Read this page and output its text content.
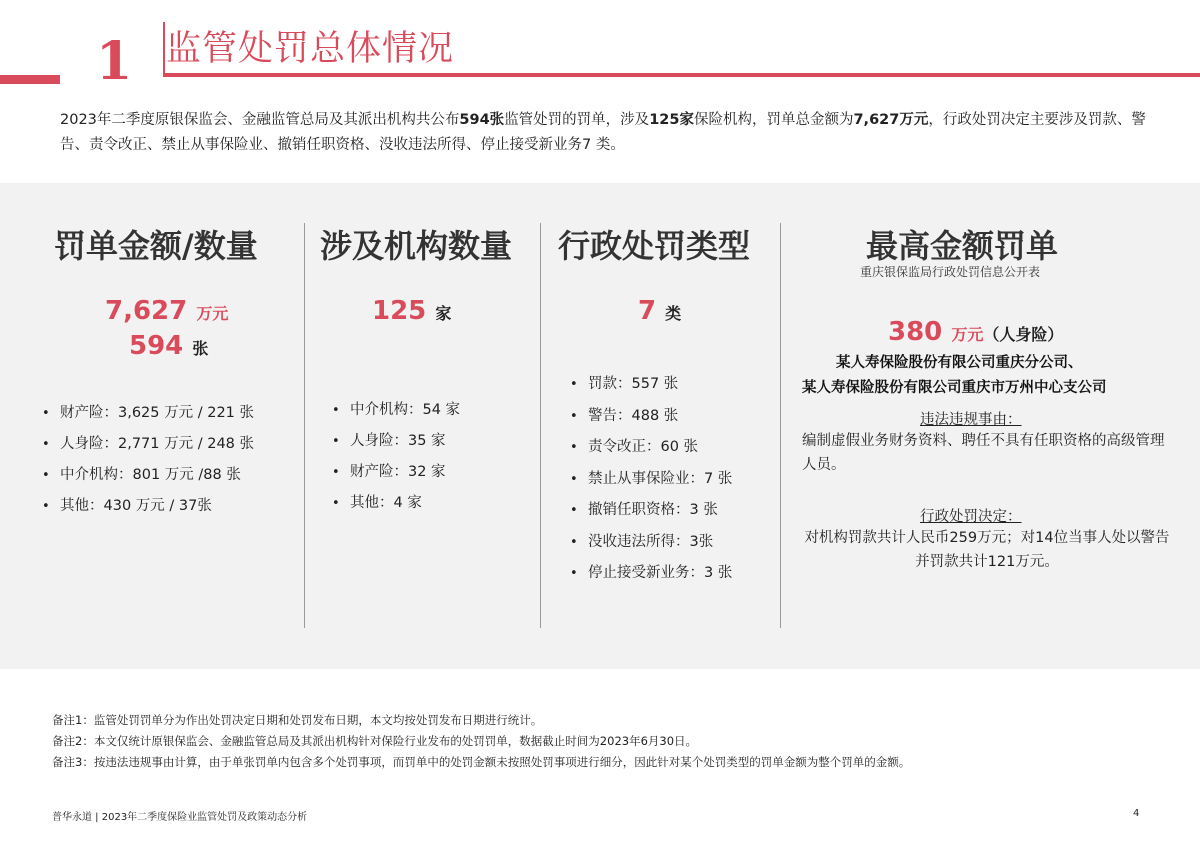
1 监管处罚总体情况
2023年二季度原银保监会、金融监管总局及其派出机构共公布594张监管处罚的罚单，涉及125家保险机构，罚单总金额为7,627万元，行政处罚决定主要涉及罚款、警告、责令改正、禁止从事保险业、撤销任职资格、没收违法所得、停止接受新业务7 类。
罚单金额/数量
7,627 万元
594 张
• 财产险：3,625 万元 / 221 张
• 人身险：2,771 万元 / 248 张
• 中介机构：801 万元 /88 张
• 其他：430 万元 / 37张
涉及机构数量
125 家
• 中介机构：54 家
• 人身险：35 家
• 财产险：32 家
• 其他：4 家
行政处罚类型
7 类
• 罚款：557 张
• 警告：488 张
• 责令改正：60 张
• 禁止从事保险业：7 张
• 撤销任职资格：3 张
• 没收违法所得：3张
• 停止接受新业务：3 张
最高金额罚单
重庆银保监局行政处罚信息公开表
380 万元（人身险）
某人寿保险股份有限公司重庆分公司、
某人寿保险股份有限公司重庆市万州中心支公司
违法违规事由：
编制虚假业务财务资料、聘任不具有任职资格的高级管理人员。
行政处罚决定：
对机构罚款共计人民币259万元；对14位当事人处以警告并罚款共计121万元。
备注1：监管处罚罚单分为作出处罚决定日期和处罚发布日期，本文均按处罚发布日期进行统计。
备注2：本文仅统计原银保监会、金融监管总局及其派出机构针对保险行业发布的处罚罚单，数据截止时间为2023年6月30日。
备注3：按违法违规事由计算，由于单张罚单内包含多个处罚事项，而罚单中的处罚金额未按照处罚事项进行细分，因此针对某个处罚类型的罚单金额为整个罚单的金额。
普华永道 | 2023年二季度保险业监管处罚及政策动态分析	4
